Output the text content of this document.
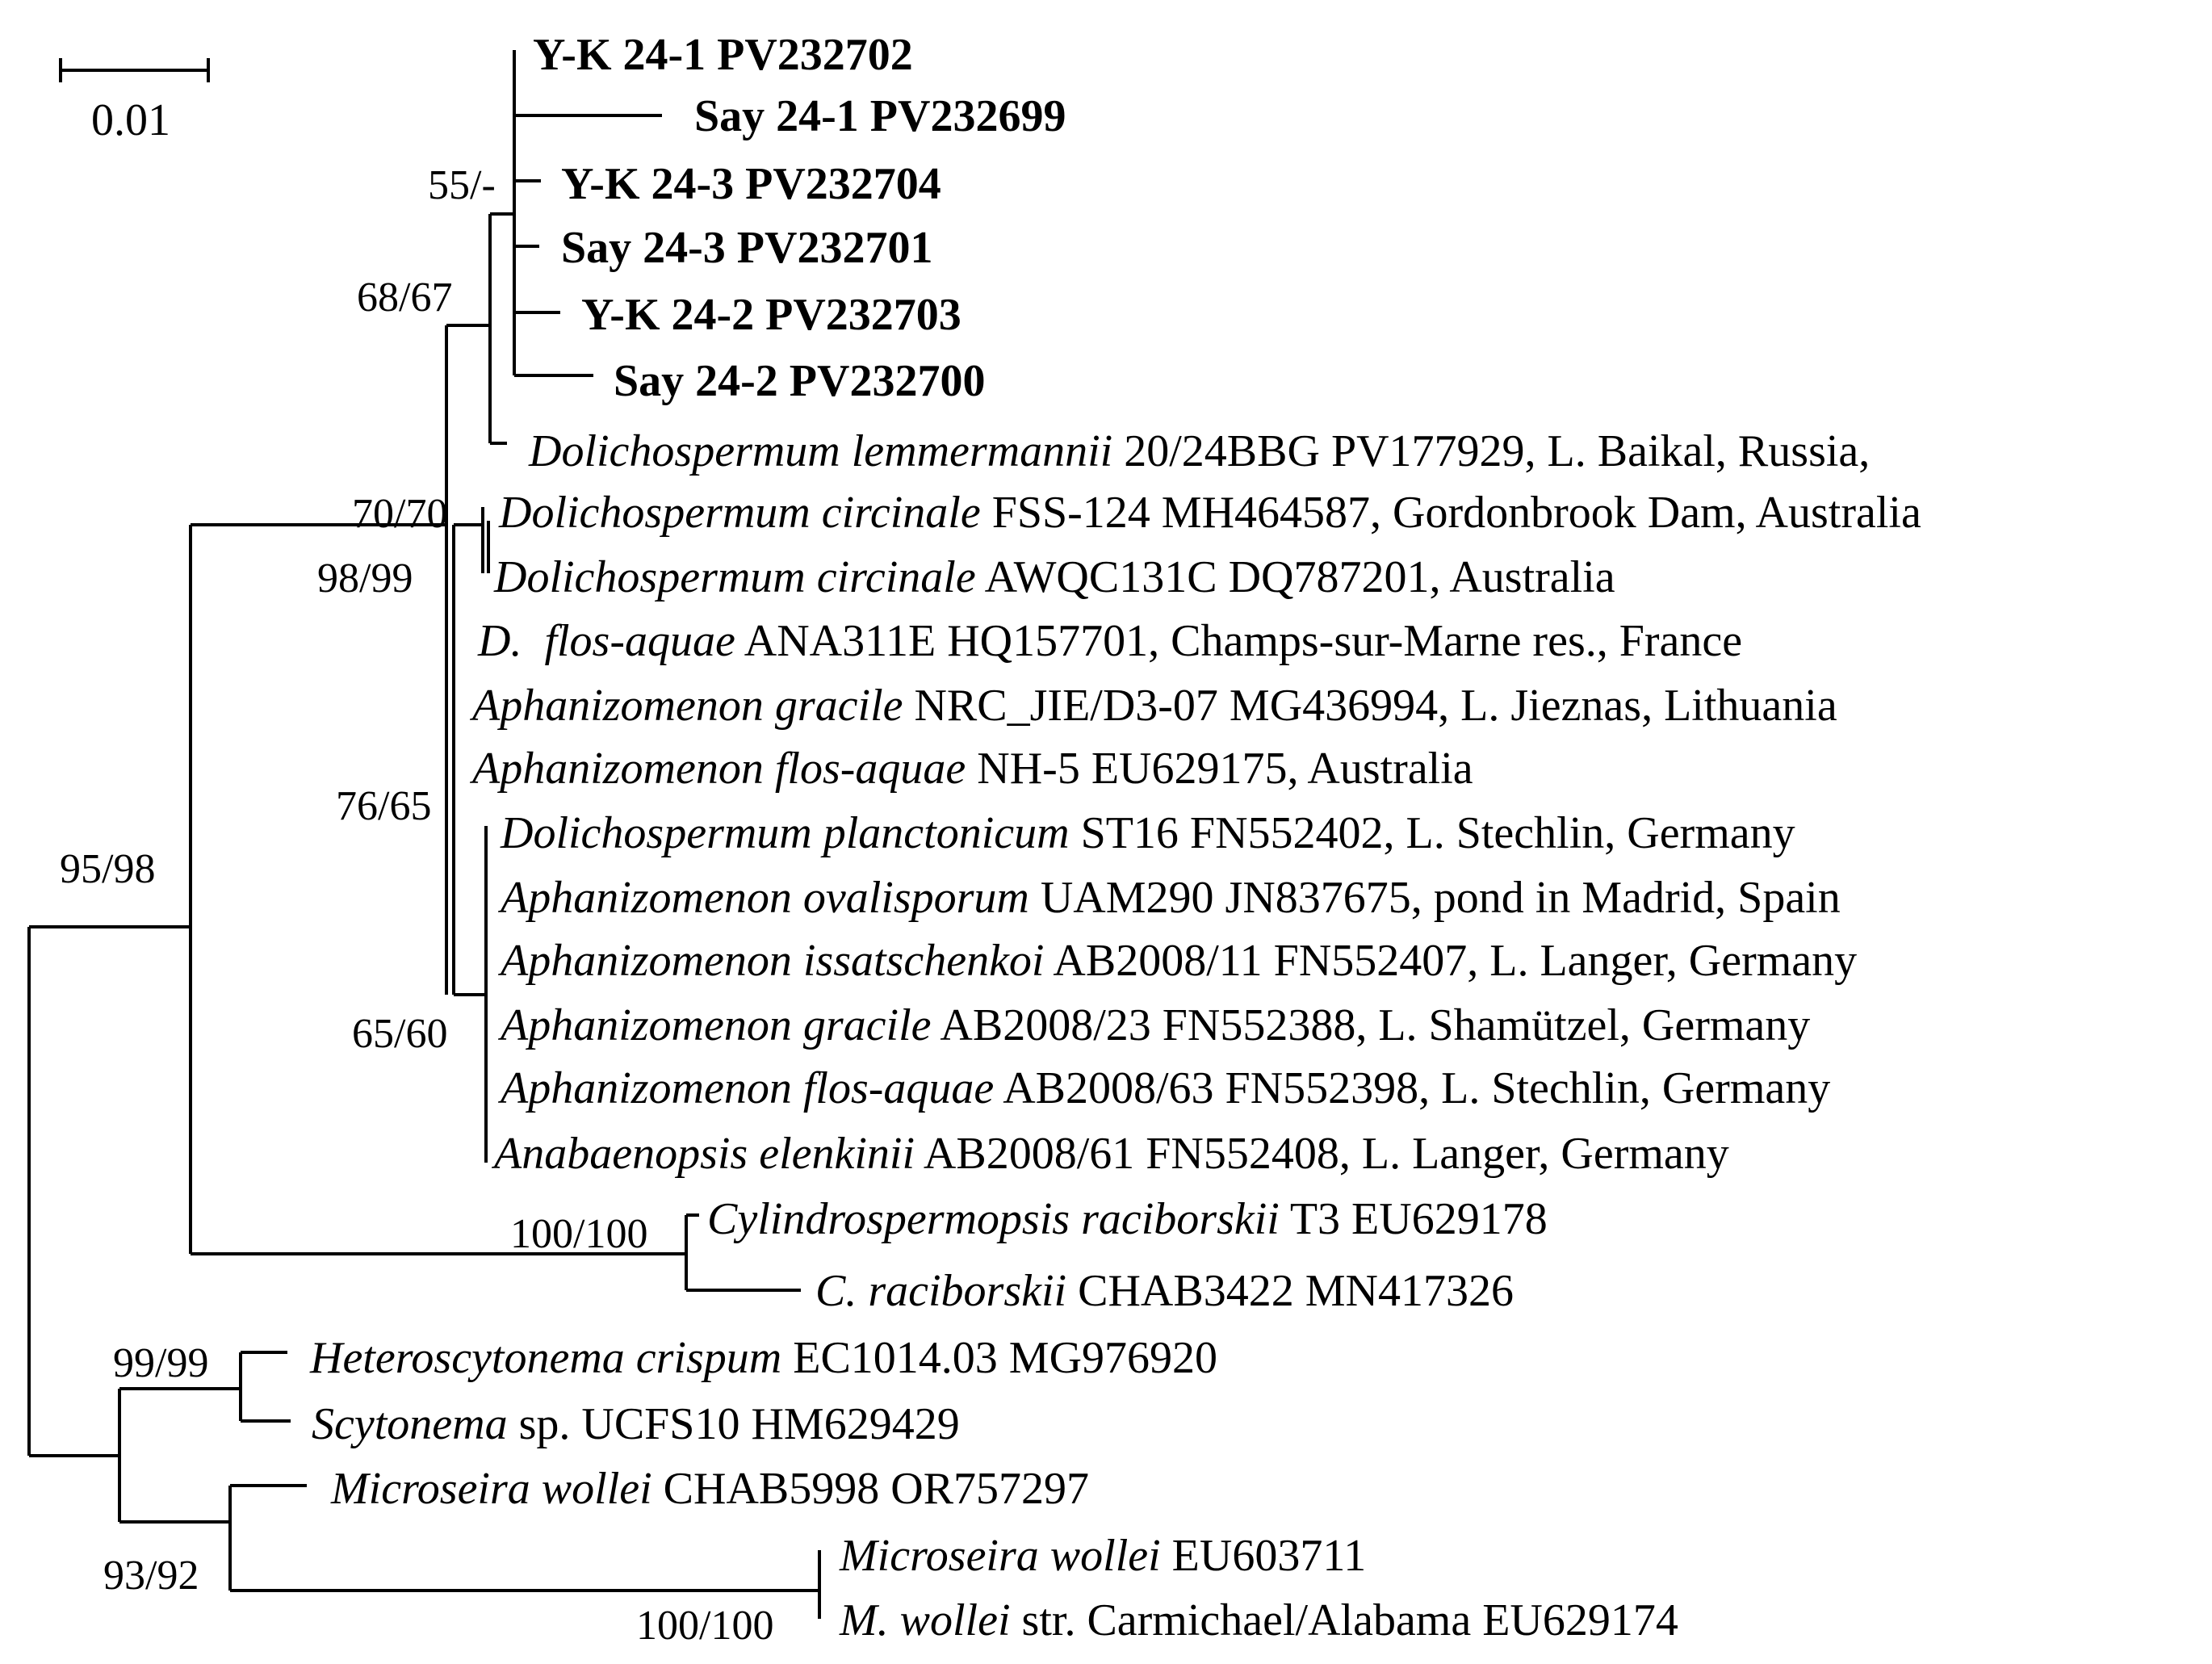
0.01
Y-K 24-1 PV232702
Say 24-1 PV232699
Y-K 24-3 PV232704
Say 24-3 PV232701
Y-K 24-2 PV232703
Say 24-2 PV232700
Dolichospermum lemmermannii 20/24BBG PV177929, L. Baikal, Russia,
Dolichospermum circinale FSS-124 MH464587, Gordonbrook Dam, Australia
Dolichospermum circinale AWQC131C DQ787201, Australia
D.  flos-aquae ANA311E HQ157701, Champs-sur-Marne res., France
Aphanizomenon gracile NRC_JIE/D3-07 MG436994, L. Jieznas, Lithuania
Aphanizomenon flos-aquae NH-5 EU629175, Australia
Dolichospermum planctonicum ST16 FN552402, L. Stechlin, Germany
Aphanizomenon ovalisporum UAM290 JN837675, pond in Madrid, Spain
Aphanizomenon issatschenkoi AB2008/11 FN552407, L. Langer, Germany
Aphanizomenon gracile AB2008/23 FN552388, L. Shamützel, Germany
Aphanizomenon flos-aquae AB2008/63 FN552398, L. Stechlin, Germany
Anabaenopsis elenkinii AB2008/61 FN552408, L. Langer, Germany
Cylindrospermopsis raciborskii T3 EU629178
C. raciborskii CHAB3422 MN417326
Heteroscytonema crispum EC1014.03 MG976920
Scytonema sp. UCFS10 HM629429
Microseira wollei CHAB5998 OR757297
Microseira wollei EU603711
M. wollei str. Carmichael/Alabama EU629174
55/-
68/67
70/70
98/99
76/65
65/60
95/98
100/100
99/99
93/92
100/100
